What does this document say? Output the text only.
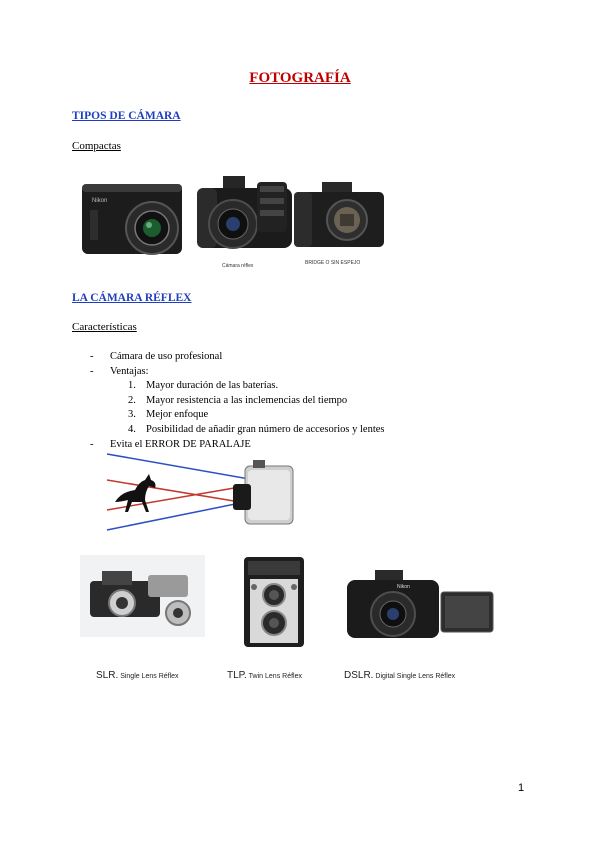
FOTOGRAFÍA
TIPOS DE CÁMARA
Compactas
Nikon
Cámara réflex	BRIDGE O SIN ESPEJO
LA CÁMARA RÉFLEX
Características
- Cámara de uso profesional
- Ventajas:
1. Mayor duración de las baterías.
2. Mayor resistencia a las inclemencias del tiempo
3. Mejor enfoque
4. Posibilidad de añadir gran número de accesorios y lentes
- Evita el ERROR DE PARALAJE
Nikon
SLR. Single Lens Réflex	TLP. Twin Lens Réflex	DSLR. Digital Single Lens Réflex
1
